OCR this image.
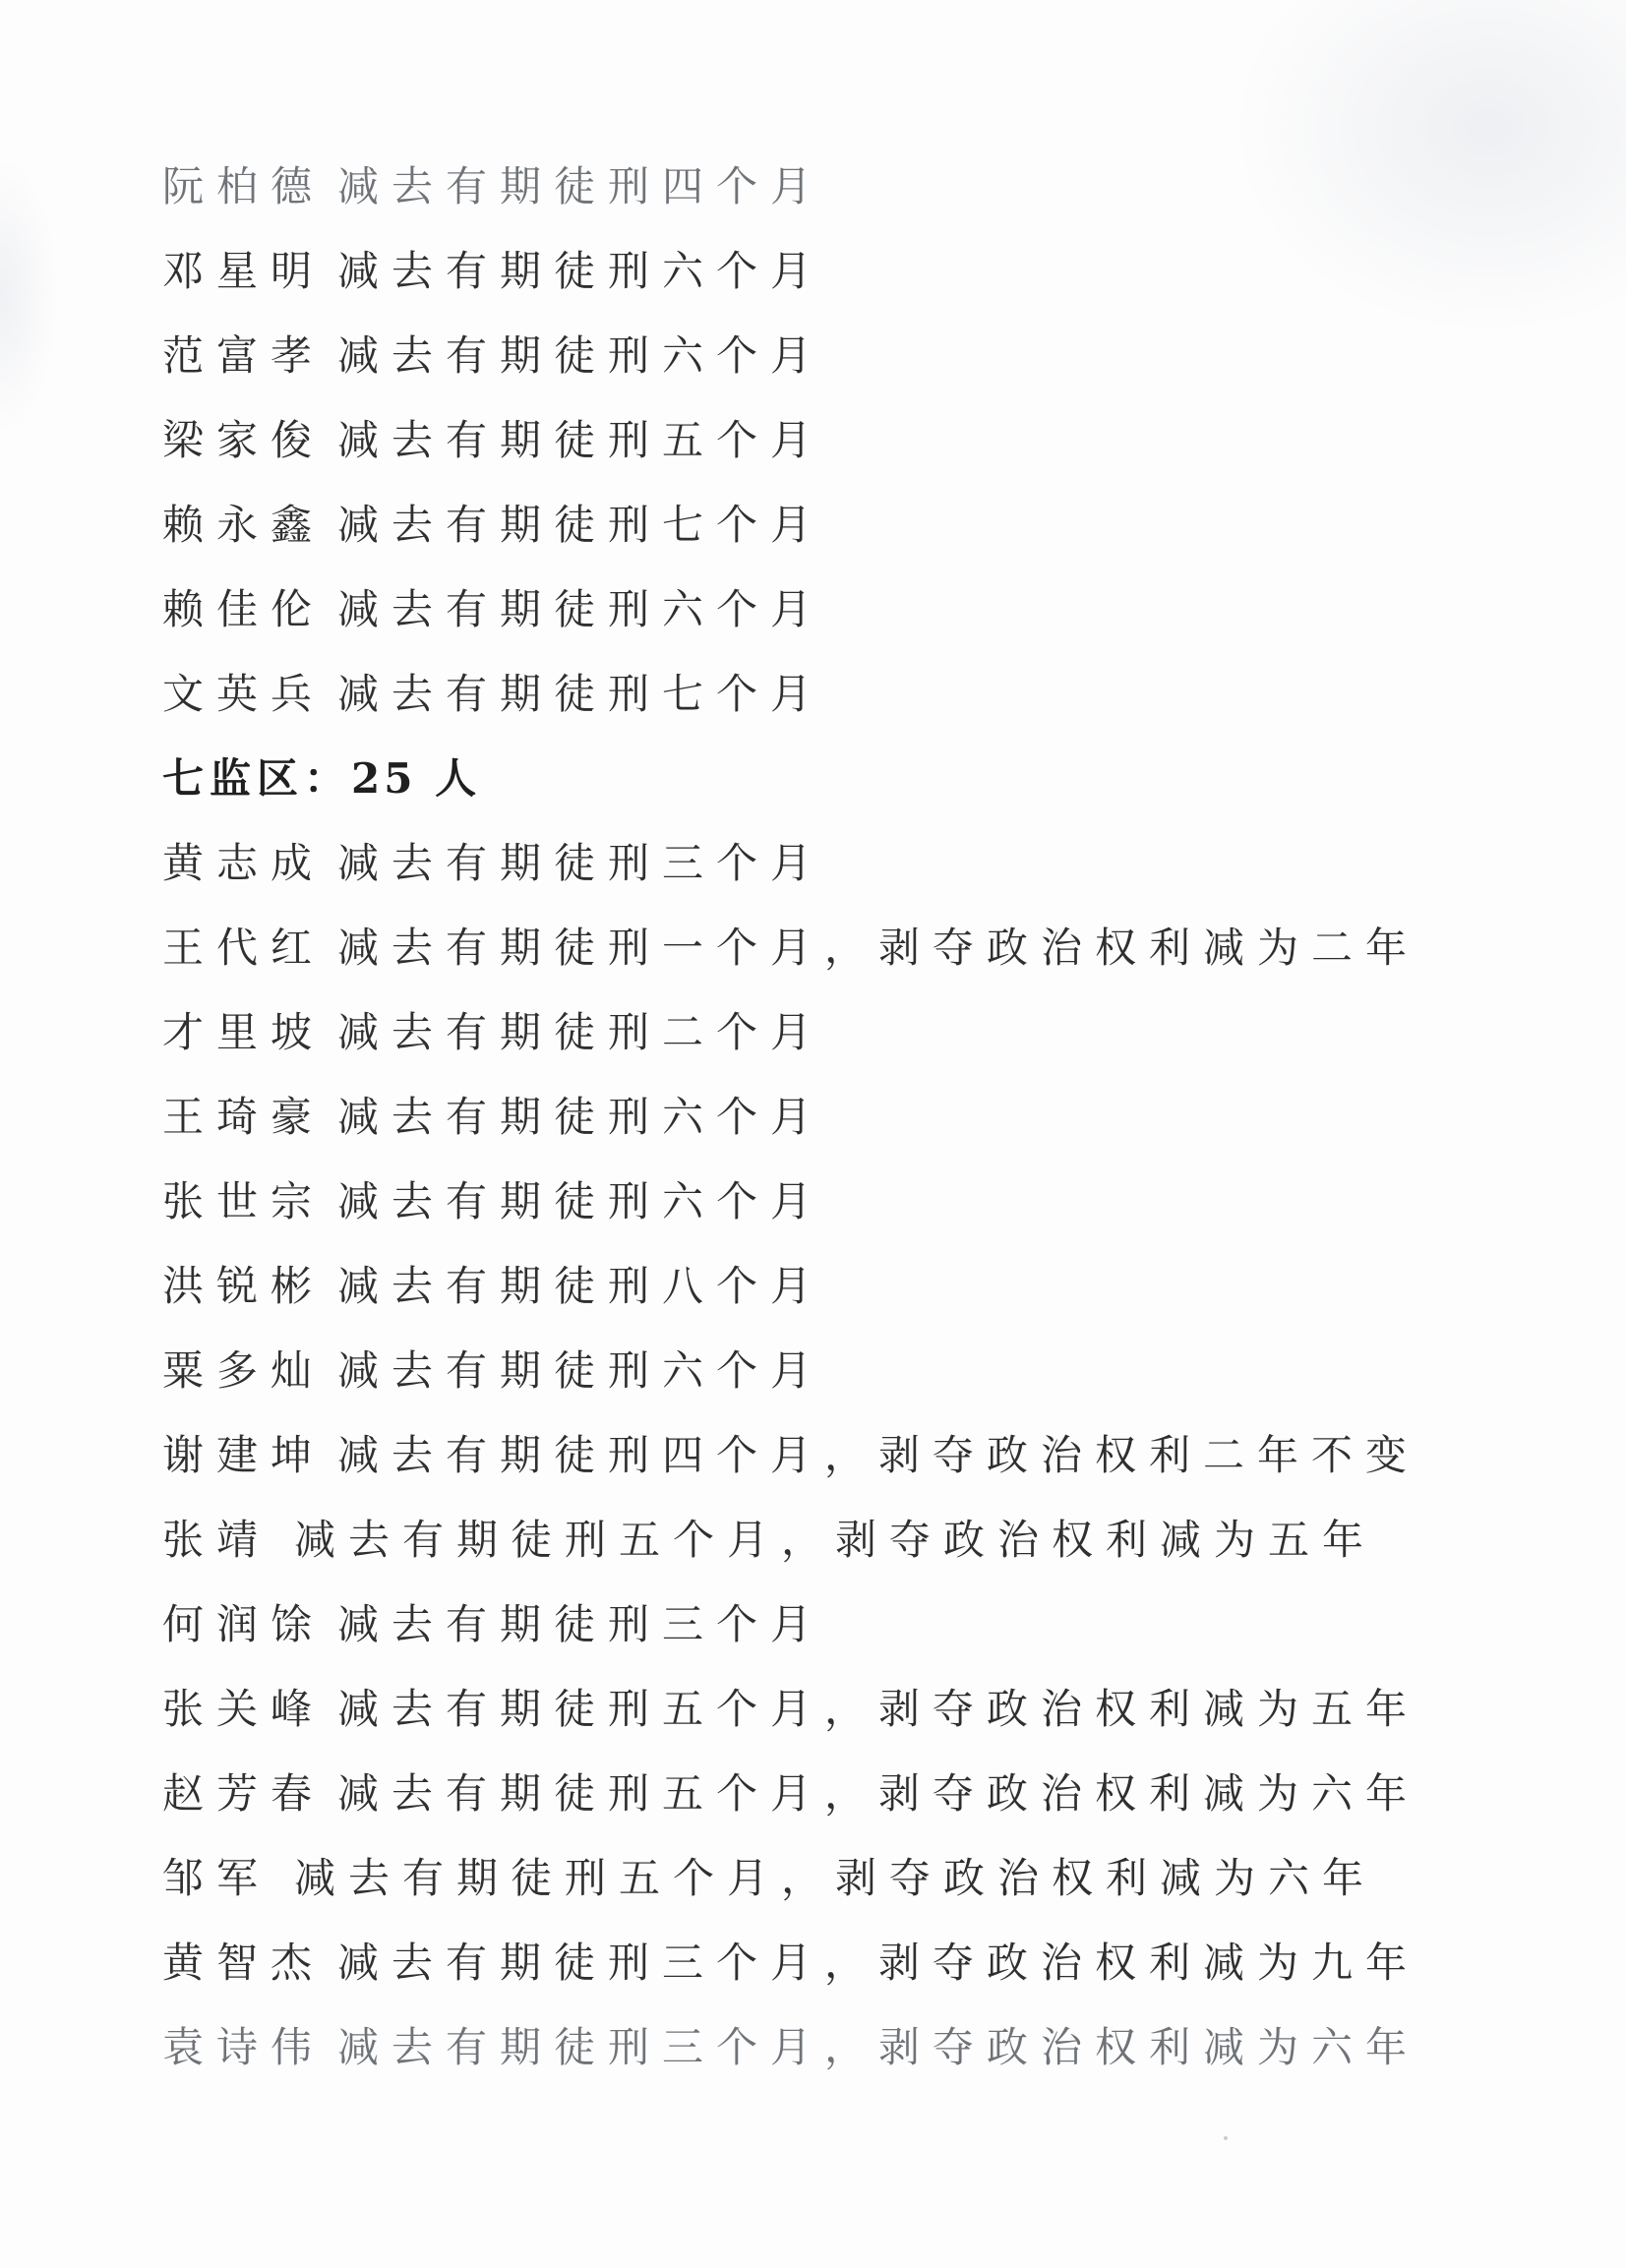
阮柏德 减去有期徒刑四个月
邓星明 减去有期徒刑六个月
范富孝 减去有期徒刑六个月
梁家俊 减去有期徒刑五个月
赖永鑫 减去有期徒刑七个月
赖佳伦 减去有期徒刑六个月
文英兵 减去有期徒刑七个月
七监区：25 人
黄志成 减去有期徒刑三个月
王代红 减去有期徒刑一个月，剥夺政治权利减为二年
才里坡 减去有期徒刑二个月
王琦豪 减去有期徒刑六个月
张世宗 减去有期徒刑六个月
洪锐彬 减去有期徒刑八个月
粟多灿 减去有期徒刑六个月
谢建坤 减去有期徒刑四个月，剥夺政治权利二年不变
张靖 减去有期徒刑五个月，剥夺政治权利减为五年
何润馀 减去有期徒刑三个月
张关峰 减去有期徒刑五个月，剥夺政治权利减为五年
赵芳春 减去有期徒刑五个月，剥夺政治权利减为六年
邹军 减去有期徒刑五个月，剥夺政治权利减为六年
黄智杰 减去有期徒刑三个月，剥夺政治权利减为九年
袁诗伟 减去有期徒刑三个月，剥夺政治权利减为六年
